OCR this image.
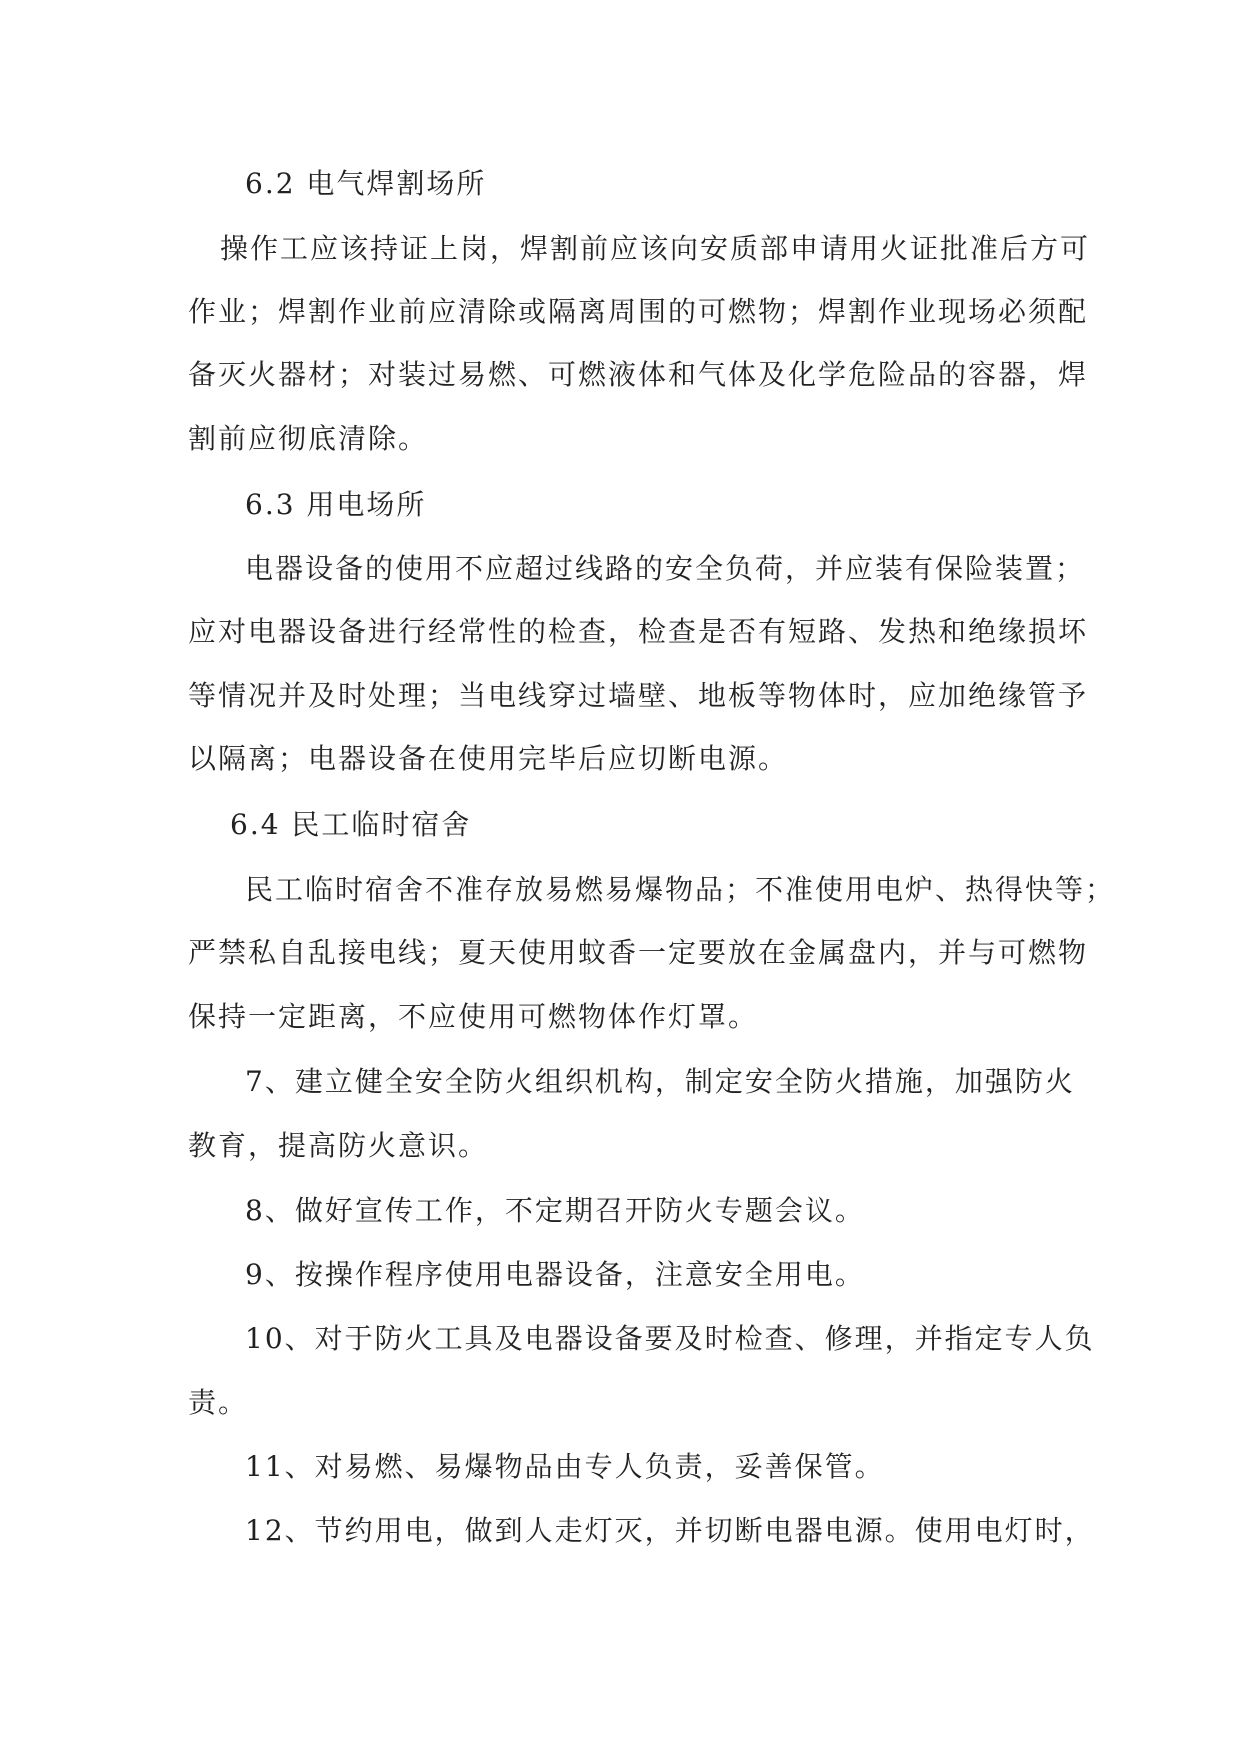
6.2 电气焊割场所
操作工应该持证上岗，焊割前应该向安质部申请用火证批准后方可
作业；焊割作业前应清除或隔离周围的可燃物；焊割作业现场必须配
备灭火器材；对装过易燃、可燃液体和气体及化学危险品的容器，焊
割前应彻底清除。
6.3 用电场所
电器设备的使用不应超过线路的安全负荷，并应装有保险装置；
应对电器设备进行经常性的检查，检查是否有短路、发热和绝缘损坏
等情况并及时处理；当电线穿过墙壁、地板等物体时，应加绝缘管予
以隔离；电器设备在使用完毕后应切断电源。
6.4 民工临时宿舍
民工临时宿舍不准存放易燃易爆物品；不准使用电炉、热得快等；
严禁私自乱接电线；夏天使用蚊香一定要放在金属盘内，并与可燃物
保持一定距离，不应使用可燃物体作灯罩。
7、建立健全安全防火组织机构，制定安全防火措施，加强防火
教育，提高防火意识。
8、做好宣传工作，不定期召开防火专题会议。
9、按操作程序使用电器设备，注意安全用电。
10、对于防火工具及电器设备要及时检查、修理，并指定专人负
责。
11、对易燃、易爆物品由专人负责，妥善保管。
12、节约用电，做到人走灯灭，并切断电器电源。使用电灯时，
